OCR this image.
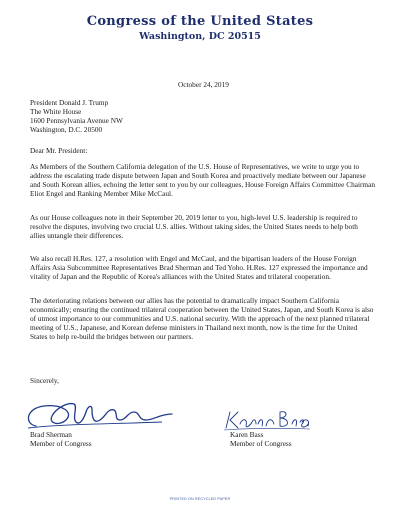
Congress of the United States
Washington, DC 20515
October 24, 2019
President Donald J. Trump
The White House
1600 Pennsylvania Avenue NW
Washington, D.C. 20500
Dear Mr. President:
As Members of the Southern California delegation of the U.S. House of Representatives, we write to urge you to address the escalating trade dispute between Japan and South Korea and proactively mediate between our Japanese and South Korean allies, echoing the letter sent to you by our colleagues, House Foreign Affairs Committee Chairman Eliot Engel and Ranking Member Mike McCaul.
As our House colleagues note in their September 20, 2019 letter to you, high-level U.S. leadership is required to resolve the disputes, involving two crucial U.S. allies. Without taking sides, the United States needs to help both allies untangle their differences.
We also recall H.Res. 127, a resolution with Engel and McCaul, and the bipartisan leaders of the House Foreign Affairs Asia Subcommittee Representatives Brad Sherman and Ted Yoho. H.Res. 127 expressed the importance and vitality of Japan and the Republic of Korea's alliances with the United States and trilateral cooperation.
The deteriorating relations between our allies has the potential to dramatically impact Southern California economically; ensuring the continued trilateral cooperation between the United States, Japan, and South Korea is also of utmost importance to our communities and U.S. national security. With the approach of the next planned trilateral meeting of U.S., Japanese, and Korean defense ministers in Thailand next month, now is the time for the United States to help re-build the bridges between our partners.
Sincerely,
Brad Sherman
Member of Congress
Karen Bass
Member of Congress
PRINTED ON RECYCLED PAPER
